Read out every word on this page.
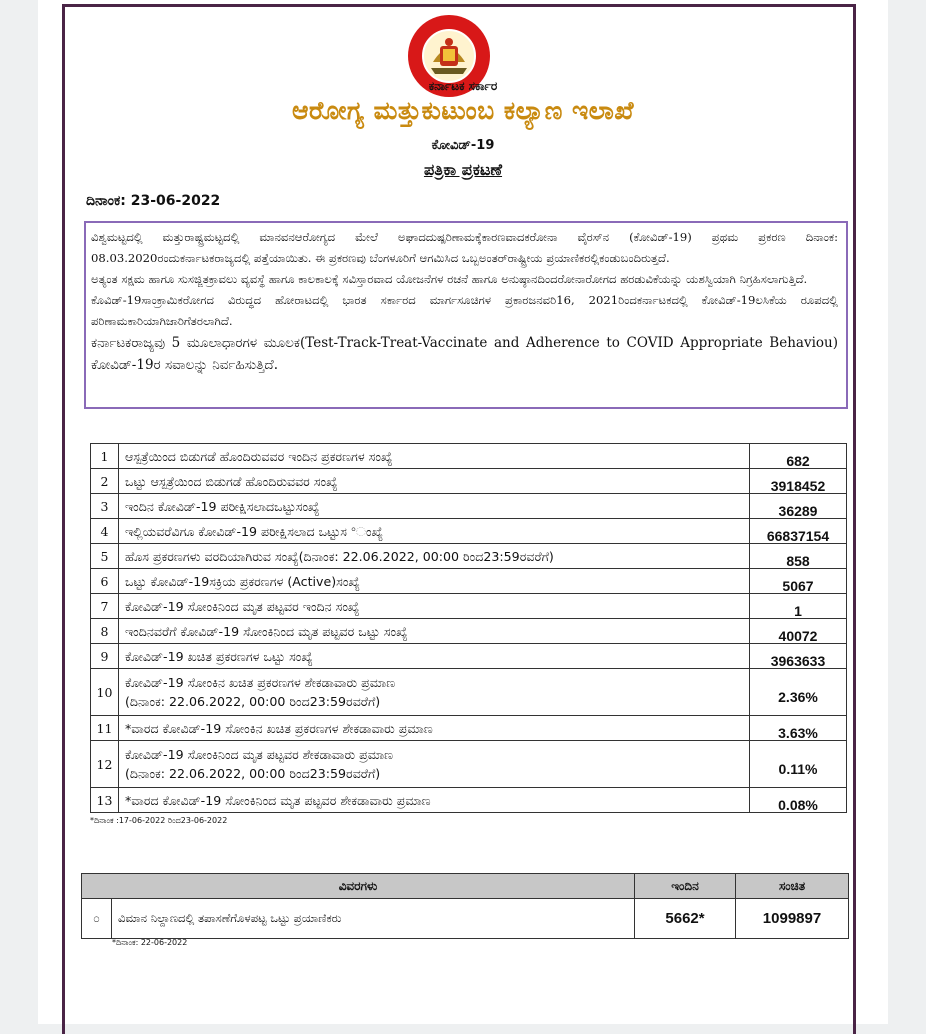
ಕರ್ನಾಟಕ ಸರ್ಕಾರ
ಆರೋಗ್ಯ ಮತ್ತುಕುಟುಂಬ ಕಲ್ಯಾಣ ಇಲಾಖೆ
ಕೋವಿಡ್-19
ಪತ್ರಿಕಾ ಪ್ರಕಟಣೆ
ದಿನಾಂಕ: 23-06-2022

ವಿಶ್ವಮಟ್ಟದಲ್ಲಿ ಮತ್ತುರಾಷ್ಟ್ರಮಟ್ಟದಲ್ಲಿ ಮಾನವನಆರೋಗ್ಯದ ಮೇಲೆ ಅಘಾದದುಷ್ಪರಿಣಾಮಕ್ಕೆಕಾರಣವಾದಕರೋನಾ ವೈರಸ್‌ನ (ಕೋವಿಡ್-19) ಪ್ರಥಮ ಪ್ರಕರಣ ದಿನಾಂಕ: 08.03.2020ರಂದುಕರ್ನಾಟಕರಾಜ್ಯದಲ್ಲಿ ಪತ್ತೆಯಾಯಿತು. ಈ ಪ್ರಕರಣವು ಬೆಂಗಳೂರಿಗೆ ಆಗಮಿಸಿದ ಒಬ್ಬಅಂತರ್‌ರಾಷ್ಟ್ರೀಯ ಪ್ರಯಾಣಿಕರಲ್ಲಿಕಂಡುಬಂದಿರುತ್ತದೆ.

ಅತ್ಯಂತ ಸಕ್ಷಮ ಹಾಗೂ ಸುಸಜ್ಜಿತಕ್ರಾವಲು ವ್ಯವಸ್ಥೆ ಹಾಗೂ ಕಾಲಕಾಲಕ್ಕೆ ಸವಿಸ್ತಾರವಾದ ಯೋಜನೆಗಳ ರಚನೆ ಹಾಗೂ ಅನುಷ್ಠಾನದಿಂದರೋನಾರೋಗದ ಹರಡುವಿಕೆಯನ್ನು ಯಶಸ್ವಿಯಾಗಿ ನಿಗ್ರಹಿಸಲಾಗುತ್ತಿದೆ.

ಕೊವಿಡ್-19ಸಾಂಕ್ರಾಮಿಕರೋಗದ ವಿರುದ್ಧದ ಹೋರಾಟದಲ್ಲಿ ಭಾರತ ಸರ್ಕಾರದ ಮಾರ್ಗಸೂಚಿಗಳ ಪ್ರಕಾರಜನವರಿ16, 2021ರಿಂದಕರ್ನಾಟಕದಲ್ಲಿ ಕೋವಿಡ್-19ಲಸಿಕೆಯ ರೂಪದಲ್ಲಿ ಪರಿಣಾಮಕಾರಿಯಾಗಿಜಾರಿಗೆತರಲಾಗಿದೆ.

ಕರ್ನಾಟಕರಾಜ್ಯವು 5 ಮೂಲಾಧಾರಗಳ ಮೂಲಕ(Test-Track-Treat-Vaccinate and Adherence to COVID Appropriate Behaviou) ಕೋವಿಡ್-19ರ ಸವಾಲನ್ನು ನಿರ್ವಹಿಸುತ್ತಿದೆ.

1	ಆಸ್ಪತ್ರೆಯಿಂದ ಬಿಡುಗಡೆ ಹೊಂದಿರುವವರ ಇಂದಿನ ಪ್ರಕರಣಗಳ ಸಂಖ್ಯೆ	682
2	ಒಟ್ಟು ಆಸ್ಪತ್ರೆಯಿಂದ ಬಿಡುಗಡೆ ಹೊಂದಿರುವವರ ಸಂಖ್ಯೆ	3918452
3	ಇಂದಿನ ಕೋವಿಡ್-19 ಪರೀಕ್ಷಿಸಲಾದಒಟ್ಟುಸಂಖ್ಯೆ	36289
4	ಇಲ್ಲಿಯವರೆವಿಗೂ ಕೋವಿಡ್-19 ಪರೀಕ್ಷಿಸಲಾದ ಒಟ್ಟುಸ °ಂಖ್ಯೆ	66837154
5	ಹೊಸ ಪ್ರಕರಣಗಳು ವರದಿಯಾಗಿರುವ ಸಂಖ್ಯೆ(ದಿನಾಂಕ: 22.06.2022, 00:00 ರಿಂದ23:59ರವರೆಗೆ)	858
6	ಒಟ್ಟು ಕೋವಿಡ್-19ಸಕ್ರಿಯ ಪ್ರಕರಣಗಳ (Active)ಸಂಖ್ಯೆ	5067
7	ಕೋವಿಡ್-19 ಸೋಂಕಿನಿಂದ ಮೃತ ಪಟ್ಟವರ ಇಂದಿನ ಸಂಖ್ಯೆ	1
8	ಇಂದಿನವರೆಗೆ ಕೋವಿಡ್-19 ಸೋಂಕಿನಿಂದ ಮೃತ ಪಟ್ಟವರ ಒಟ್ಟು ಸಂಖ್ಯೆ	40072
9	ಕೋವಿಡ್-19 ಖಚಿತ ಪ್ರಕರಣಗಳ ಒಟ್ಟು ಸಂಖ್ಯೆ	3963633
10	ಕೋವಿಡ್-19 ಸೋಂಕಿನ ಖಚಿತ ಪ್ರಕರಣಗಳ ಶೇಕಡಾವಾರು ಪ್ರಮಾಣ
(ದಿನಾಂಕ: 22.06.2022, 00:00 ರಿಂದ23:59ರವರೆಗೆ)	2.36%
11	*ವಾರದ ಕೋವಿಡ್-19 ಸೋಂಕಿನ ಖಚಿತ ಪ್ರಕರಣಗಳ ಶೇಕಡಾವಾರು ಪ್ರಮಾಣ	3.63%
12	ಕೋವಿಡ್-19 ಸೋಂಕಿನಿಂದ ಮೃತ ಪಟ್ಟವರ ಶೇಕಡಾವಾರು ಪ್ರಮಾಣ
(ದಿನಾಂಕ: 22.06.2022, 00:00 ರಿಂದ23:59ರವರೆಗೆ)	0.11%
13	*ವಾರದ ಕೋವಿಡ್-19 ಸೋಂಕಿನಿಂದ ಮೃತ ಪಟ್ಟವರ ಶೇಕಡಾವಾರು ಪ್ರಮಾಣ	0.08%
*ದಿನಾಂಕ :17-06-2022 ರಿಂದ23-06-2022
ವಿವರಗಳು		ಇಂದಿನ	ಸಂಚಿತ
೦	ವಿಮಾನ ನಿಲ್ದಾಣದಲ್ಲಿ ತಪಾಸಣೆಗೊಳಪಟ್ಟ ಒಟ್ಟು ಪ್ರಯಾಣಿಕರು	5662*	1099897
*ದಿನಾಂಕ: 22-06-2022
